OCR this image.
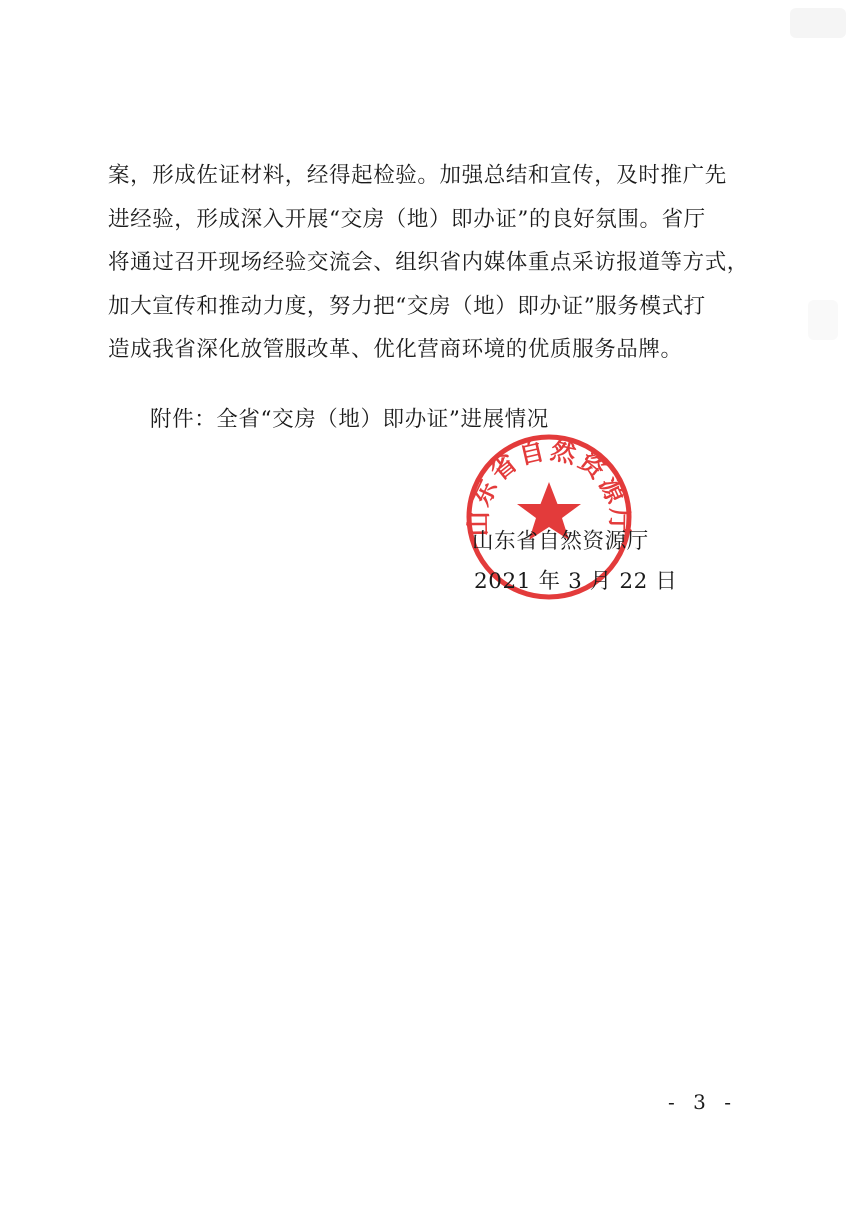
案，形成佐证材料，经得起检验。加强总结和宣传，及时推广先
进经验，形成深入开展“交房（地）即办证”的良好氛围。省厅
将通过召开现场经验交流会、组织省内媒体重点采访报道等方式，
加大宣传和推动力度，努力把“交房（地）即办证”服务模式打
造成我省深化放管服改革、优化营商环境的优质服务品牌。
附件：全省“交房（地）即办证”进展情况
山东省自然资源厅
山东省自然资源厅
2021 年 3 月 22 日
- 3 -
